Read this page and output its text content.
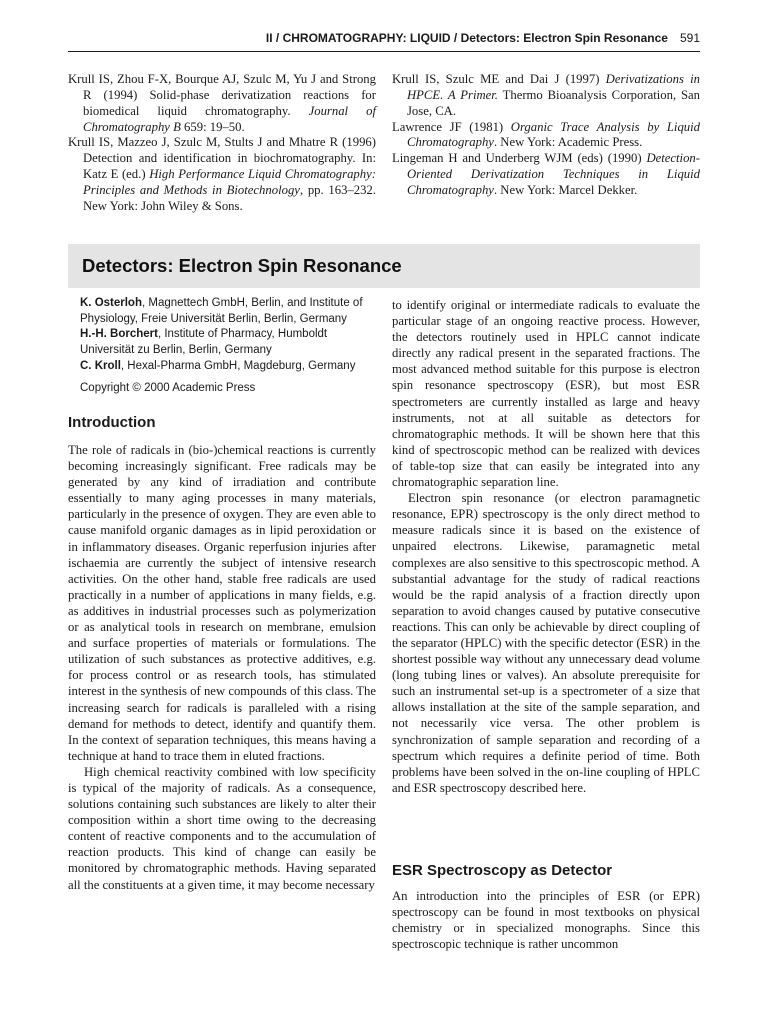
II / CHROMATOGRAPHY: LIQUID / Detectors: Electron Spin Resonance 591

Krull IS, Zhou F-X, Bourque AJ, Szulc M, Yu J and Strong R (1994) Solid-phase derivatization reactions for biomedical liquid chromatography. Journal of Chromatography B 659: 19–50.

Krull IS, Mazzeo J, Szulc M, Stults J and Mhatre R (1996) Detection and identification in biochromatography. In: Katz E (ed.) High Performance Liquid Chromatography: Principles and Methods in Biotechnology, pp. 163–232. New York: John Wiley & Sons.

Krull IS, Szulc ME and Dai J (1997) Derivatizations in HPCE. A Primer. Thermo Bioanalysis Corporation, San Jose, CA.

Lawrence JF (1981) Organic Trace Analysis by Liquid Chromatography. New York: Academic Press.

Lingeman H and Underberg WJM (eds) (1990) Detection-Oriented Derivatization Techniques in Liquid Chromatography. New York: Marcel Dekker.

Detectors: Electron Spin Resonance
K. Osterloh, Magnettech GmbH, Berlin, and Institute of Physiology, Freie Universität Berlin, Berlin, Germany
H.-H. Borchert, Institute of Pharmacy, Humboldt Universität zu Berlin, Berlin, Germany
C. Kroll, Hexal-Pharma GmbH, Magdeburg, Germany
Copyright © 2000 Academic Press
Introduction

The role of radicals in (bio-)chemical reactions is currently becoming increasingly significant. Free radicals may be generated by any kind of irradiation and contribute essentially to many aging processes in many materials, particularly in the presence of oxygen. They are even able to cause manifold organic damages as in lipid peroxidation or in inflammatory diseases. Organic reperfusion injuries after ischaemia are currently the subject of intensive research activities. On the other hand, stable free radicals are used practically in a number of applications in many fields, e.g. as additives in industrial processes such as polymerization or as analytical tools in research on membrane, emulsion and surface properties of materials or formulations. The utilization of such substances as protective additives, e.g. for process control or as research tools, has stimulated interest in the synthesis of new compounds of this class. The increasing search for radicals is paralleled with a rising demand for methods to detect, identify and quantify them. In the context of separation techniques, this means having a technique at hand to trace them in eluted fractions.

High chemical reactivity combined with low specificity is typical of the majority of radicals. As a consequence, solutions containing such substances are likely to alter their composition within a short time owing to the decreasing content of reactive components and to the accumulation of reaction products. This kind of change can easily be monitored by chromatographic methods. Having separated all the constituents at a given time, it may become necessary

to identify original or intermediate radicals to evaluate the particular stage of an ongoing reactive process. However, the detectors routinely used in HPLC cannot indicate directly any radical present in the separated fractions. The most advanced method suitable for this purpose is electron spin resonance spectroscopy (ESR), but most ESR spectrometers are currently installed as large and heavy instruments, not at all suitable as detectors for chromatographic methods. It will be shown here that this kind of spectroscopic method can be realized with devices of table-top size that can easily be integrated into any chromatographic separation line.

Electron spin resonance (or electron paramagnetic resonance, EPR) spectroscopy is the only direct method to measure radicals since it is based on the existence of unpaired electrons. Likewise, paramagnetic metal complexes are also sensitive to this spectroscopic method. A substantial advantage for the study of radical reactions would be the rapid analysis of a fraction directly upon separation to avoid changes caused by putative consecutive reactions. This can only be achievable by direct coupling of the separator (HPLC) with the specific detector (ESR) in the shortest possible way without any unnecessary dead volume (long tubing lines or valves). An absolute prerequisite for such an instrumental set-up is a spectrometer of a size that allows installation at the site of the sample separation, and not necessarily vice versa. The other problem is synchronization of sample separation and recording of a spectrum which requires a definite period of time. Both problems have been solved in the on-line coupling of HPLC and ESR spectroscopy described here.

ESR Spectroscopy as Detector

An introduction into the principles of ESR (or EPR) spectroscopy can be found in most textbooks on physical chemistry or in specialized monographs. Since this spectroscopic technique is rather uncommon
